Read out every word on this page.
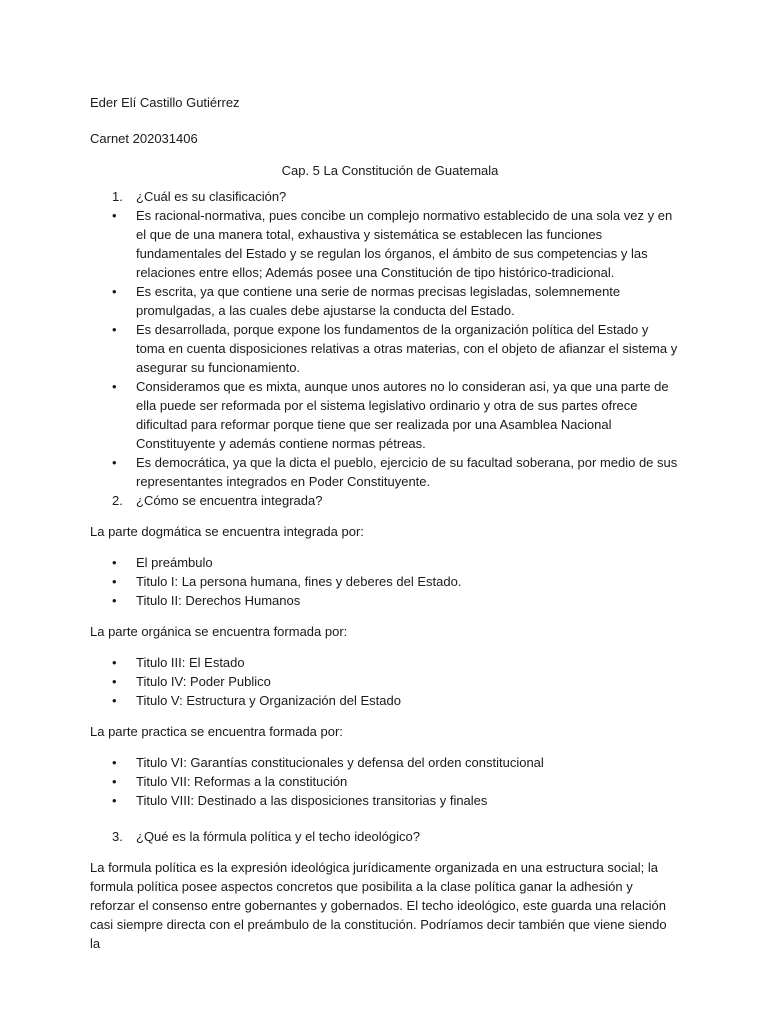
Eder Elí Castillo Gutiérrez

Carnet 202031406

Cap. 5 La Constitución de Guatemala

1. ¿Cuál es su clasificación?
• Es racional-normativa, pues concibe un complejo normativo establecido de una sola vez y en el que de una manera total, exhaustiva y sistemática se establecen las funciones fundamentales del Estado y se regulan los órganos, el ámbito de sus competencias y las relaciones entre ellos; Además posee una Constitución de tipo histórico-tradicional.
• Es escrita, ya que contiene una serie de normas precisas legisladas, solemnemente promulgadas, a las cuales debe ajustarse la conducta del Estado.
• Es desarrollada, porque expone los fundamentos de la organización política del Estado y toma en cuenta disposiciones relativas a otras materias, con el objeto de afianzar el sistema y asegurar su funcionamiento.
• Consideramos que es mixta, aunque unos autores no lo consideran asi, ya que una parte de ella puede ser reformada por el sistema legislativo ordinario y otra de sus partes ofrece dificultad para reformar porque tiene que ser realizada por una Asamblea Nacional Constituyente y además contiene normas pétreas.
• Es democrática, ya que la dicta el pueblo, ejercicio de su facultad soberana, por medio de sus representantes integrados en Poder Constituyente.
2. ¿Cómo se encuentra integrada?

La parte dogmática se encuentra integrada por:

• El preámbulo
• Titulo I: La persona humana, fines y deberes del Estado.
• Titulo II: Derechos Humanos

La parte orgánica se encuentra formada por:

• Titulo III: El Estado
• Titulo IV: Poder Publico
• Titulo V: Estructura y Organización del Estado

La parte practica se encuentra formada por:

• Titulo VI: Garantías constitucionales y defensa del orden constitucional
• Titulo VII: Reformas a la constitución
• Titulo VIII: Destinado a las disposiciones transitorias y finales
3. ¿Qué es la fórmula política y el techo ideológico?

La formula política es la expresión ideológica jurídicamente organizada en una estructura social; la formula política posee aspectos concretos que posibilita a la clase política ganar la adhesión y reforzar el consenso entre gobernantes y gobernados. El techo ideológico, este guarda una relación casi siempre directa con el preámbulo de la constitución. Podríamos decir también que viene siendo la
